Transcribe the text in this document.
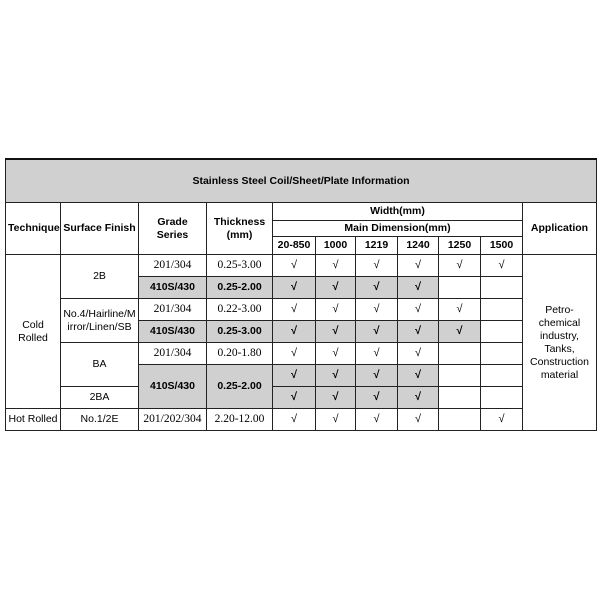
Stainless Steel Coil/Sheet/Plate Information										
Technique	Surface Finish	Grade Series	Thickness (mm)	Width(mm)						Application
				Main Dimension(mm)						
				20-850	1000	1219	1240	1250	1500	
Cold Rolled	2B	201/304	0.25-3.00	√	√	√	√	√	√	Petro-chemical industry, Tanks, Construction material
		410S/430	0.25-2.00	√	√	√	√			
	No.4/Hairline/Mirror/Linen/SB	201/304	0.22-3.00	√	√	√	√	√		
		410S/430	0.25-3.00	√	√	√	√	√		
	BA	201/304	0.20-1.80	√	√	√	√			
		410S/430	0.25-2.00	√	√	√	√			
	2BA			√	√	√	√			
Hot Rolled	No.1/2E	201/202/304	2.20-12.00	√	√	√	√		√	
